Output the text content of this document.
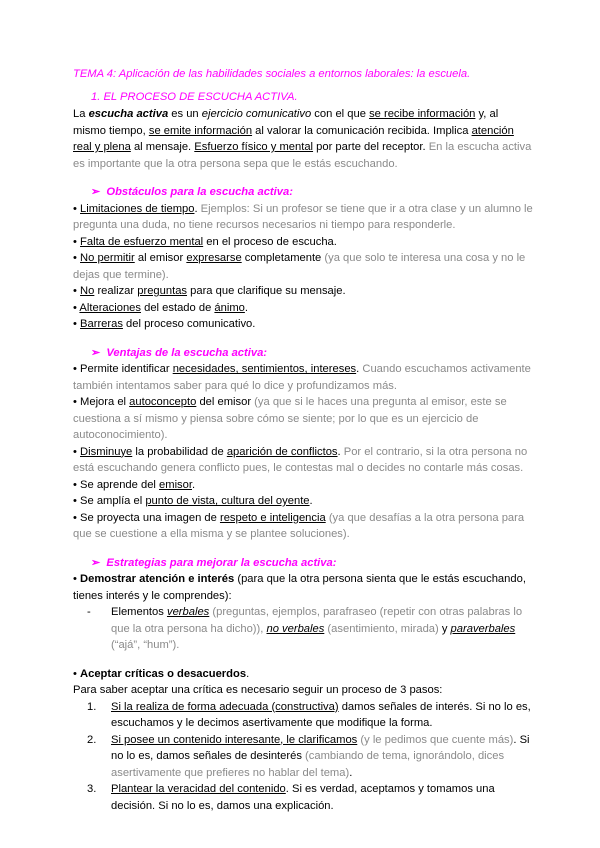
TEMA 4: Aplicación de las habilidades sociales a entornos laborales: la escuela.

1. EL PROCESO DE ESCUCHA ACTIVA.

La escucha activa es un ejercicio comunicativo con el que se recibe información y, al mismo tiempo, se emite información al valorar la comunicación recibida. Implica atención real y plena al mensaje. Esfuerzo físico y mental por parte del receptor. En la escucha activa es importante que la otra persona sepa que le estás escuchando.

➢ Obstáculos para la escucha activa:

• Limitaciones de tiempo. Ejemplos: Si un profesor se tiene que ir a otra clase y un alumno le pregunta una duda, no tiene recursos necesarios ni tiempo para responderle.

• Falta de esfuerzo mental en el proceso de escucha.

• No permitir al emisor expresarse completamente (ya que solo te interesa una cosa y no le dejas que termine).

• No realizar preguntas para que clarifique su mensaje.

• Alteraciones del estado de ánimo.

• Barreras del proceso comunicativo.

➢ Ventajas de la escucha activa:

• Permite identificar necesidades, sentimientos, intereses. Cuando escuchamos activamente también intentamos saber para qué lo dice y profundizamos más.

• Mejora el autoconcepto del emisor (ya que si le haces una pregunta al emisor, este se cuestiona a sí mismo y piensa sobre cómo se siente; por lo que es un ejercicio de autoconocimiento).

• Disminuye la probabilidad de aparición de conflictos. Por el contrario, si la otra persona no está escuchando genera conflicto pues, le contestas mal o decides no contarle más cosas.

• Se aprende del emisor.

• Se amplía el punto de vista, cultura del oyente.

• Se proyecta una imagen de respeto e inteligencia (ya que desafías a la otra persona para que se cuestione a ella misma y se plantee soluciones).

➢ Estrategias para mejorar la escucha activa:

• Demostrar atención e interés (para que la otra persona sienta que le estás escuchando, tienes interés y le comprendes):

-	Elementos verbales (preguntas, ejemplos, parafraseo (repetir con otras palabras lo que la otra persona ha dicho)), no verbales (asentimiento, mirada) y paraverbales (“ajá”, “hum”).

• Aceptar críticas o desacuerdos.

Para saber aceptar una crítica es necesario seguir un proceso de 3 pasos:

1.	Si la realiza de forma adecuada (constructiva) damos señales de interés. Si no lo es, escuchamos y le decimos asertivamente que modifique la forma.
2.	Si posee un contenido interesante, le clarificamos (y le pedimos que cuente más). Si no lo es, damos señales de desinterés (cambiando de tema, ignorándolo, dices asertivamente que prefieres no hablar del tema).
3.	Plantear la veracidad del contenido. Si es verdad, aceptamos y tomamos una decisión. Si no lo es, damos una explicación.
